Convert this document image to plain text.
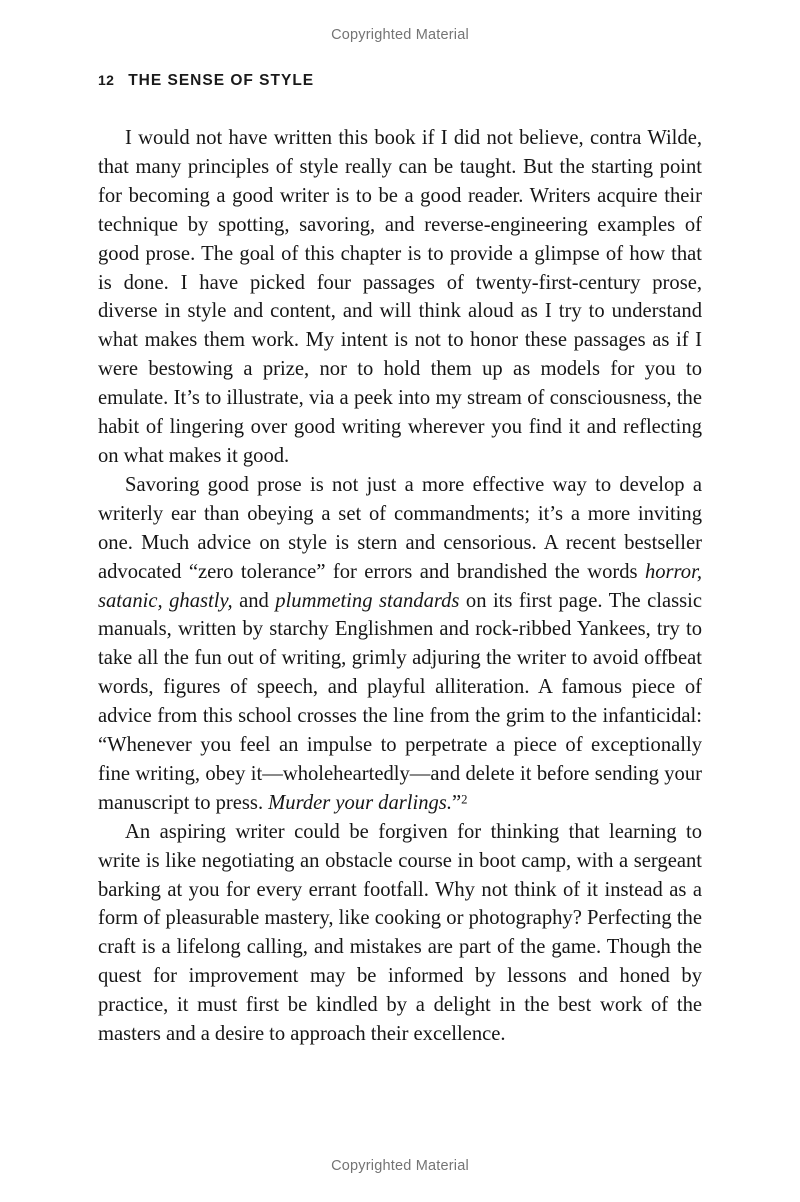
Copyrighted Material
12 THE SENSE OF STYLE

I would not have written this book if I did not believe, contra Wilde, that many principles of style really can be taught. But the starting point for becoming a good writer is to be a good reader. Writers acquire their technique by spotting, savoring, and reverse-engineering examples of good prose. The goal of this chapter is to provide a glimpse of how that is done. I have picked four passages of twenty-first-century prose, diverse in style and content, and will think aloud as I try to understand what makes them work. My intent is not to honor these passages as if I were bestowing a prize, nor to hold them up as models for you to emulate. It’s to illustrate, via a peek into my stream of consciousness, the habit of lingering over good writing wherever you find it and reflecting on what makes it good.

Savoring good prose is not just a more effective way to develop a writerly ear than obeying a set of commandments; it’s a more inviting one. Much advice on style is stern and censorious. A recent bestseller advocated “zero tolerance” for errors and brandished the words horror, satanic, ghastly, and plummeting standards on its first page. The classic manuals, written by starchy Englishmen and rock-ribbed Yankees, try to take all the fun out of writing, grimly adjuring the writer to avoid offbeat words, figures of speech, and playful alliteration. A famous piece of advice from this school crosses the line from the grim to the infanticidal: “Whenever you feel an impulse to perpetrate a piece of exceptionally fine writing, obey it—wholeheartedly—and delete it before sending your manuscript to press. Murder your darlings.”$^2$

An aspiring writer could be forgiven for thinking that learning to write is like negotiating an obstacle course in boot camp, with a sergeant barking at you for every errant footfall. Why not think of it instead as a form of pleasurable mastery, like cooking or photography? Perfecting the craft is a lifelong calling, and mistakes are part of the game. Though the quest for improvement may be informed by lessons and honed by practice, it must first be kindled by a delight in the best work of the masters and a desire to approach their excellence.

Copyrighted Material
